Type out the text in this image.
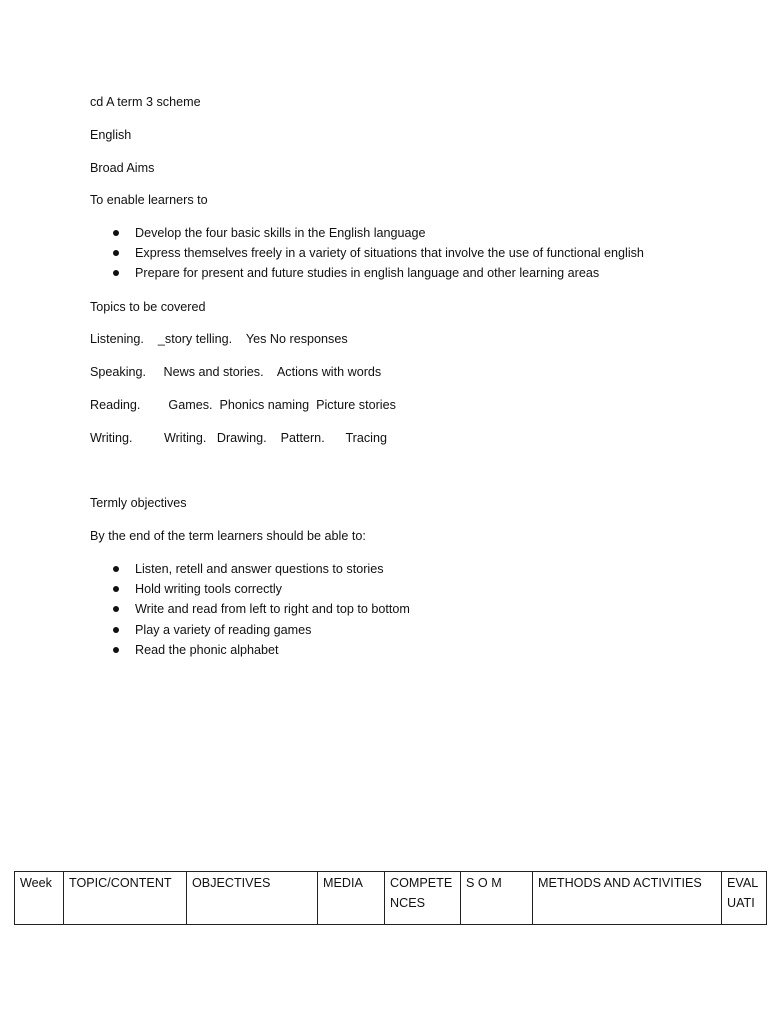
cd A term 3 scheme
English
Broad Aims
To enable learners to
Develop the four basic skills in the English language
Express themselves freely in a variety of situations that involve the use of functional english
Prepare for present and future studies in english language and other learning areas
Topics to be covered
Listening.    _story telling.    Yes No responses
Speaking.     News and stories.    Actions with words
Reading.        Games.  Phonics naming  Picture stories
Writing.         Writing.   Drawing.    Pattern.      Tracing
Termly objectives
By the end of the term learners should be able to:
Listen, retell and answer questions to stories
Hold writing tools correctly
Write and read from left to right and top to bottom
Play a variety of reading games
Read the phonic alphabet
Week	TOPIC/CONTENT	OBJECTIVES	MEDIA	COMPETENCES	S O M	METHODS AND ACTIVITIES	EVALUATI
